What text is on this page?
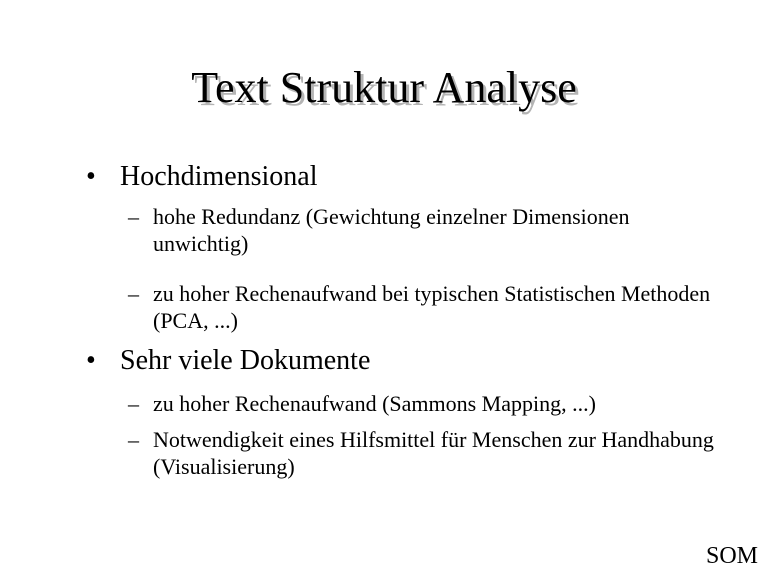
Text Struktur Analyse
• Hochdimensional
– hohe Redundanz (Gewichtung einzelner Dimensionen unwichtig)
– zu hoher Rechenaufwand bei typischen Statistischen Methoden (PCA, ...)
• Sehr viele Dokumente
– zu hoher Rechenaufwand (Sammons Mapping, ...)
– Notwendigkeit eines Hilfsmittel für Menschen zur Handhabung (Visualisierung)
SOM
